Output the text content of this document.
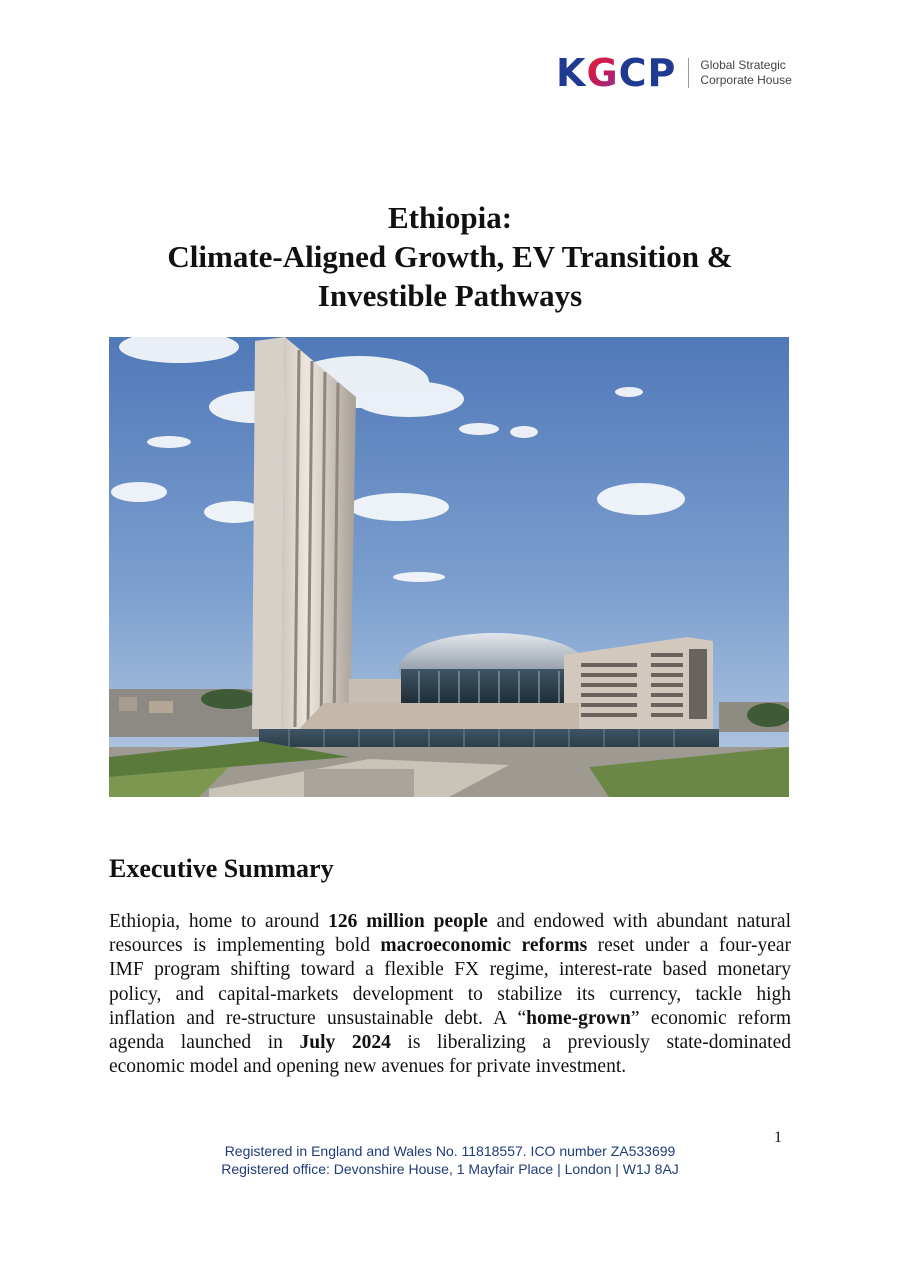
K G C P Global Strategic
Corporate House
Ethiopia:
Climate-Aligned Growth, EV Transition &
Investible Pathways
Executive Summary
Ethiopia, home to around 126 million people and endowed with abundant natural
resources is implementing bold macroeconomic reforms reset under a four-year
IMF program shifting toward a flexible FX regime, interest-rate based monetary
policy, and capital-markets development to stabilize its currency, tackle high
inflation and re-structure unsustainable debt. A “home-grown” economic reform
agenda launched in July 2024 is liberalizing a previously state-dominated
economic model and opening new avenues for private investment.
1
Registered in England and Wales No. 11818557. ICO number ZA533699
Registered office: Devonshire House, 1 Mayfair Place | London | W1J 8AJ
